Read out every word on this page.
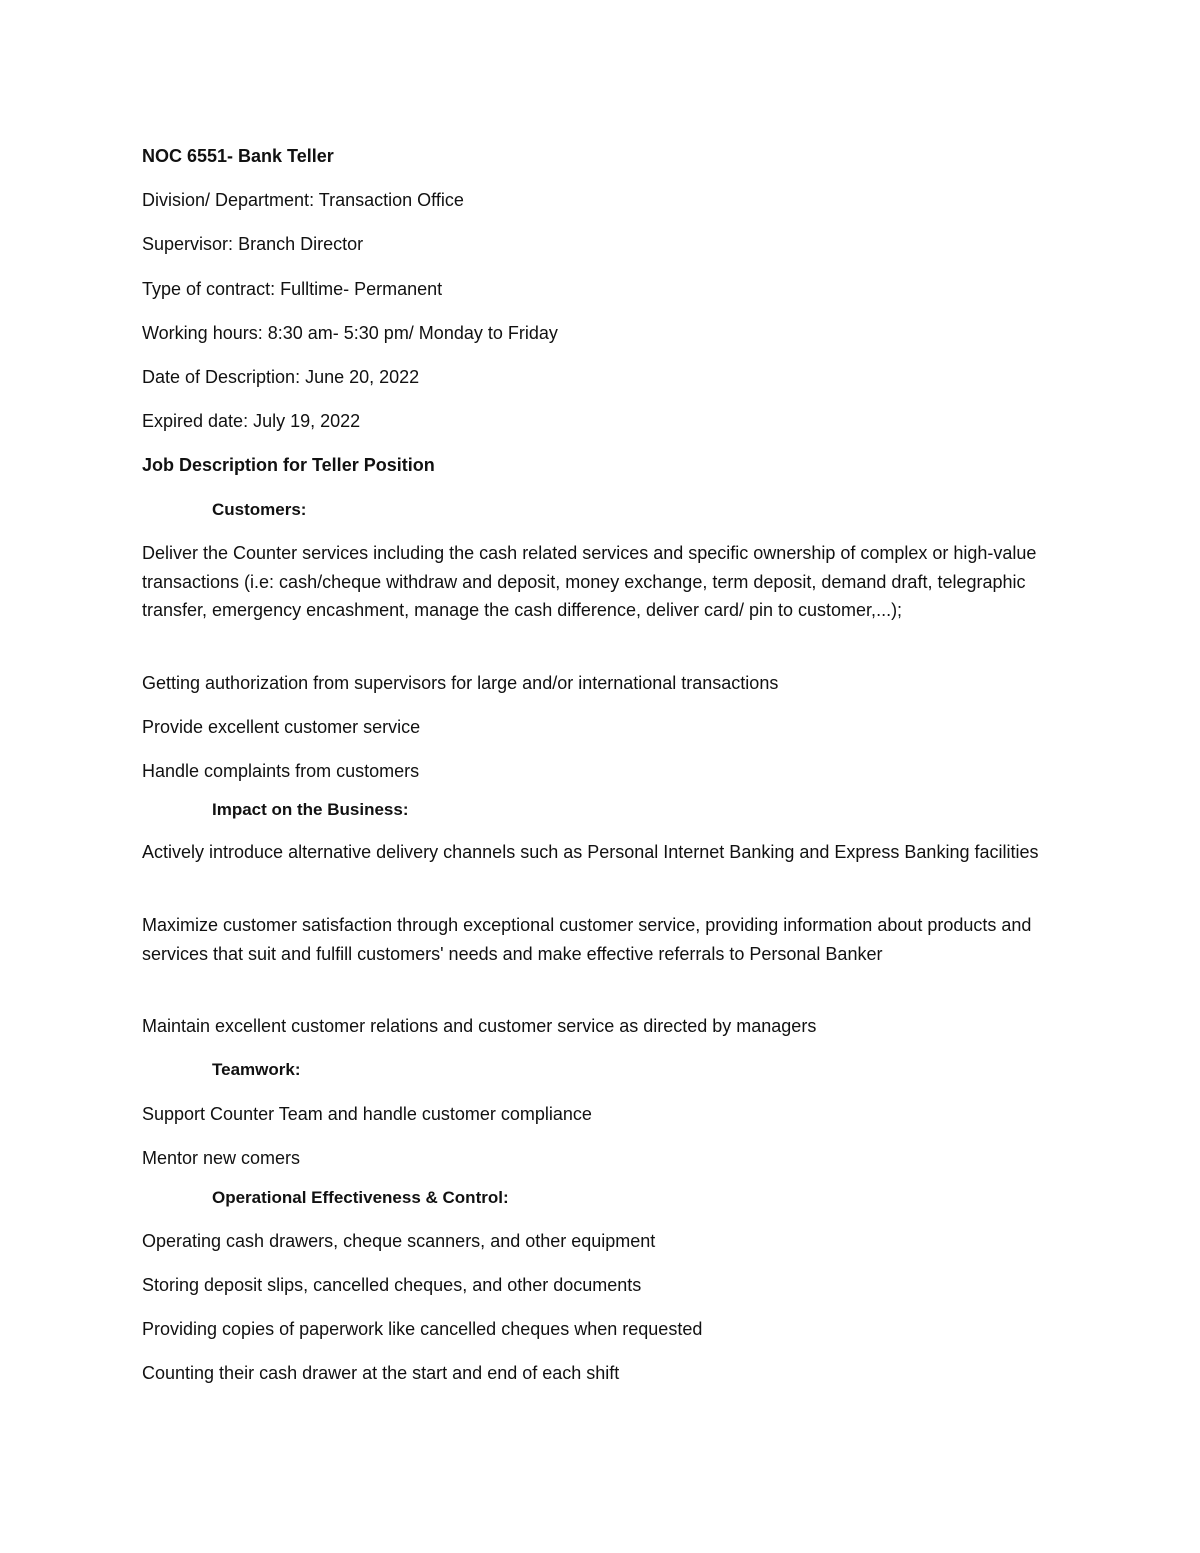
NOC 6551- Bank Teller
Division/ Department: Transaction Office
Supervisor: Branch Director
Type of contract: Fulltime- Permanent
Working hours: 8:30 am- 5:30 pm/ Monday to Friday
Date of Description: June 20, 2022
Expired date: July 19, 2022
Job Description for Teller Position
Customers:
Deliver the Counter services including the cash related services and specific ownership of complex or high-value transactions (i.e: cash/cheque withdraw and deposit, money exchange, term deposit, demand draft, telegraphic transfer, emergency encashment, manage the cash difference, deliver card/ pin to customer,...);
Getting authorization from supervisors for large and/or international transactions
Provide excellent customer service
Handle complaints from customers
Impact on the Business:
Actively introduce alternative delivery channels such as Personal Internet Banking and Express Banking facilities
Maximize customer satisfaction through exceptional customer service, providing information about products and services that suit and fulfill customers' needs and make effective referrals to Personal Banker
Maintain excellent customer relations and customer service as directed by managers
Teamwork:
Support Counter Team and handle customer compliance
Mentor new comers
Operational Effectiveness & Control:
Operating cash drawers, cheque scanners, and other equipment
Storing deposit slips, cancelled cheques, and other documents
Providing copies of paperwork like cancelled cheques when requested
Counting their cash drawer at the start and end of each shift
